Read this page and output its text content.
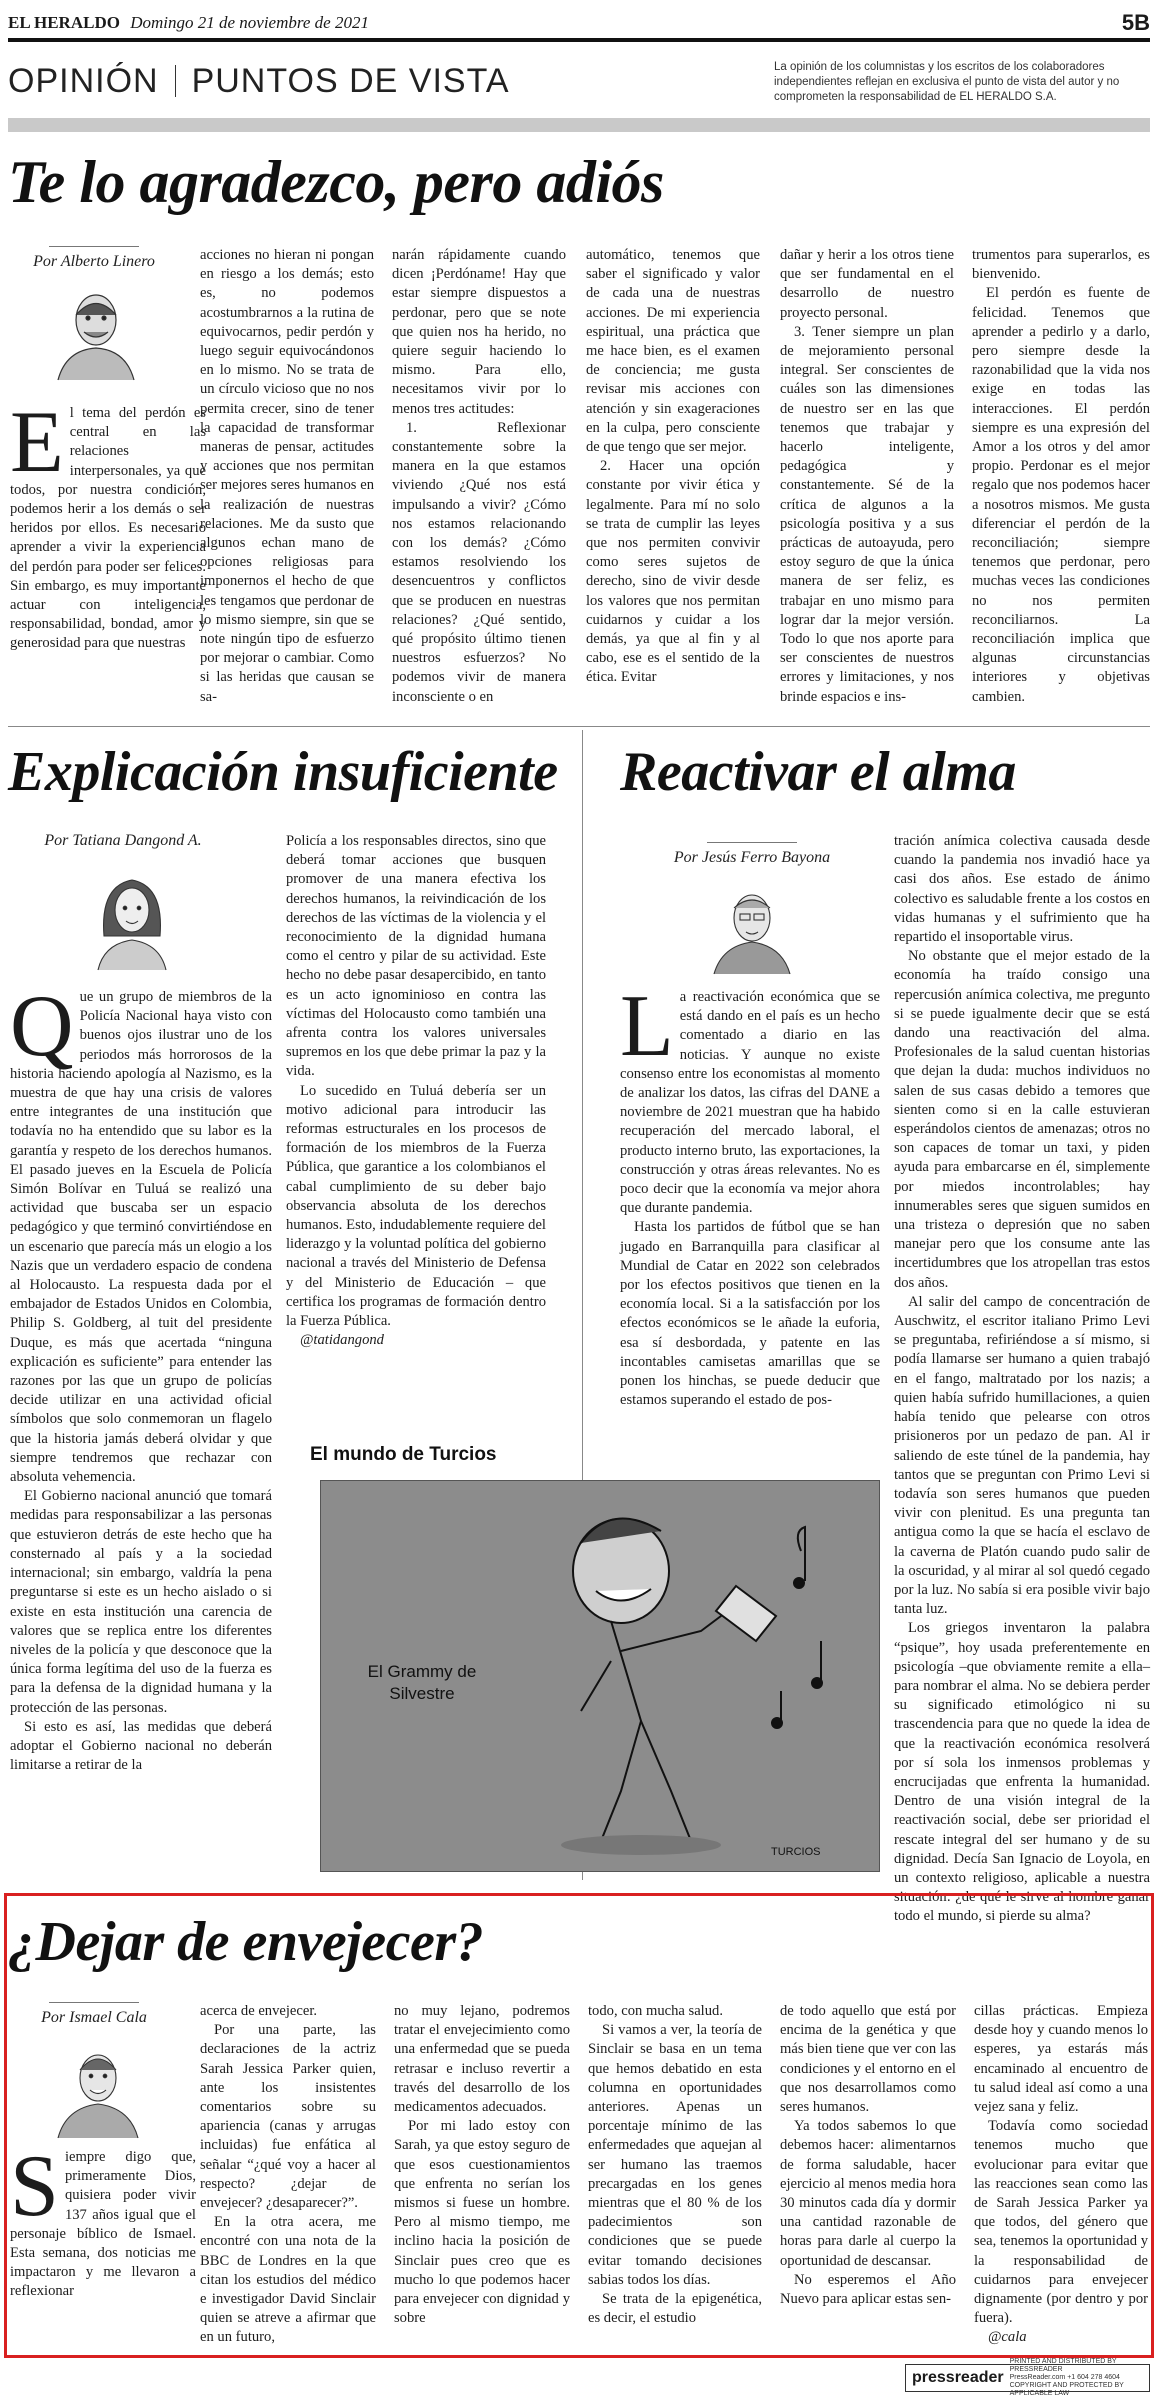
EL HERALDO Domingo 21 de noviembre de 2021	5B
OPINIÓN PUNTOS DE VISTA	La opinión de los columnistas y los escritos de los colaboradores independientes reflejan en exclusiva el punto de vista del autor y no comprometen la responsabilidad de EL HERALDO S.A.
Te lo agradezco, pero adiós
Por Alberto Linero

El tema del perdón es central en las relaciones interpersonales, ya que todos, por nuestra condición, podemos herir a los demás o ser heridos por ellos. Es necesario aprender a vivir la experiencia del perdón para poder ser felices. Sin embargo, es muy importante actuar con inteligencia, responsabilidad, bondad, amor y generosidad para que nuestras

acciones no hieran ni pongan en riesgo a los demás; esto es, no podemos acostumbrarnos a la rutina de equivocarnos, pedir perdón y luego seguir equivocándonos en lo mismo. No se trata de un círculo vicioso que no nos permita crecer, sino de tener la capacidad de transformar maneras de pensar, actitudes y acciones que nos permitan ser mejores seres humanos en la realización de nuestras relaciones. Me da susto que algunos echan mano de opciones religiosas para imponernos el hecho de que les tengamos que perdonar de lo mismo siempre, sin que se note ningún tipo de esfuerzo por mejorar o cambiar. Como si las heridas que causan se sa-

narán rápidamente cuando dicen ¡Perdóname! Hay que estar siempre dispuestos a perdonar, pero que se note que quien nos ha herido, no quiere seguir haciendo lo mismo. Para ello, necesitamos vivir por lo menos tres actitudes:

1. Reflexionar constantemente sobre la manera en la que estamos viviendo ¿Qué nos está impulsando a vivir? ¿Cómo nos estamos relacionando con los demás? ¿Cómo estamos resolviendo los desencuentros y conflictos que se producen en nuestras relaciones? ¿Qué sentido, qué propósito último tienen nuestros esfuerzos? No podemos vivir de manera inconsciente o en

automático, tenemos que saber el significado y valor de cada una de nuestras acciones. De mi experiencia espiritual, una práctica que me hace bien, es el examen de conciencia; me gusta revisar mis acciones con atención y sin exageraciones en la culpa, pero consciente de que tengo que ser mejor.

2. Hacer una opción constante por vivir ética y legalmente. Para mí no solo se trata de cumplir las leyes que nos permiten convivir como seres sujetos de derecho, sino de vivir desde los valores que nos permitan cuidarnos y cuidar a los demás, ya que al fin y al cabo, ese es el sentido de la ética. Evitar

dañar y herir a los otros tiene que ser fundamental en el desarrollo de nuestro proyecto personal.

3. Tener siempre un plan de mejoramiento personal integral. Ser conscientes de cuáles son las dimensiones de nuestro ser en las que tenemos que trabajar y hacerlo inteligente, pedagógica y constantemente. Sé de la crítica de algunos a la psicología positiva y a sus prácticas de autoayuda, pero estoy seguro de que la única manera de ser feliz, es trabajar en uno mismo para lograr dar la mejor versión. Todo lo que nos aporte para ser conscientes de nuestros errores y limitaciones, y nos brinde espacios e ins-

trumentos para superarlos, es bienvenido.

El perdón es fuente de felicidad. Tenemos que aprender a pedirlo y a darlo, pero siempre desde la razonabilidad que la vida nos exige en todas las interacciones. El perdón siempre es una expresión del Amor a los otros y del amor propio. Perdonar es el mejor regalo que nos podemos hacer a nosotros mismos. Me gusta diferenciar el perdón de la reconciliación; siempre tenemos que perdonar, pero muchas veces las condiciones no nos permiten reconciliarnos. La reconciliación implica que algunas circunstancias interiores y objetivas cambien.

Explicación insuficiente
Por Tatiana Dangond A.

Que un grupo de miembros de la Policía Nacional haya visto con buenos ojos ilustrar uno de los periodos más horrorosos de la historia haciendo apología al Nazismo, es la muestra de que hay una crisis de valores entre integrantes de una institución que todavía no ha entendido que su labor es la garantía y respeto de los derechos humanos. El pasado jueves en la Escuela de Policía Simón Bolívar en Tuluá se realizó una actividad que buscaba ser un espacio pedagógico y que terminó convirtiéndose en un escenario que parecía más un elogio a los Nazis que un verdadero espacio de condena al Holocausto. La respuesta dada por el embajador de Estados Unidos en Colombia, Philip S. Goldberg, al tuit del presidente Duque, es más que acertada “ninguna explicación es suficiente” para entender las razones por las que un grupo de policías decide utilizar en una actividad oficial símbolos que solo conmemoran un flagelo que la historia jamás deberá olvidar y que siempre tendremos que rechazar con absoluta vehemencia.

El Gobierno nacional anunció que tomará medidas para responsabilizar a las personas que estuvieron detrás de este hecho que ha consternado al país y a la sociedad internacional; sin embargo, valdría la pena preguntarse si este es un hecho aislado o si existe en esta institución una carencia de valores que se replica entre los diferentes niveles de la policía y que desconoce que la única forma legítima del uso de la fuerza es para la defensa de la dignidad humana y la protección de las personas.

Si esto es así, las medidas que deberá adoptar el Gobierno nacional no deberán limitarse a retirar de la

Policía a los responsables directos, sino que deberá tomar acciones que busquen promover de una manera efectiva los derechos humanos, la reivindicación de los derechos de las víctimas de la violencia y el reconocimiento de la dignidad humana como el centro y pilar de su actividad. Este hecho no debe pasar desapercibido, en tanto es un acto ignominioso en contra las víctimas del Holocausto como también una afrenta contra los valores universales supremos en los que debe primar la paz y la vida.

Lo sucedido en Tuluá debería ser un motivo adicional para introducir las reformas estructurales en los procesos de formación de los miembros de la Fuerza Pública, que garantice a los colombianos el cabal cumplimiento de su deber bajo observancia absoluta de los derechos humanos. Esto, indudablemente requiere del liderazgo y la voluntad política del gobierno nacional a través del Ministerio de Defensa y del Ministerio de Educación – que certifica los programas de formación dentro la Fuerza Pública.

@tatidangond

Reactivar el alma
Por Jesús Ferro Bayona

La reactivación económica que se está dando en el país es un hecho comentado a diario en las noticias. Y aunque no existe consenso entre los economistas al momento de analizar los datos, las cifras del DANE a noviembre de 2021 muestran que ha habido recuperación del mercado laboral, el producto interno bruto, las exportaciones, la construcción y otras áreas relevantes. No es poco decir que la economía va mejor ahora que durante pandemia.

Hasta los partidos de fútbol que se han jugado en Barranquilla para clasificar al Mundial de Catar en 2022 son celebrados por los efectos positivos que tienen en la economía local. Si a la satisfacción por los efectos económicos se le añade la euforia, esa sí desbordada, y patente en las incontables camisetas amarillas que se ponen los hinchas, se puede deducir que estamos superando el estado de pos-

tración anímica colectiva causada desde cuando la pandemia nos invadió hace ya casi dos años. Ese estado de ánimo colectivo es saludable frente a los costos en vidas humanas y el sufrimiento que ha repartido el insoportable virus.

No obstante que el mejor estado de la economía ha traído consigo una repercusión anímica colectiva, me pregunto si se puede igualmente decir que se está dando una reactivación del alma. Profesionales de la salud cuentan historias que dejan la duda: muchos individuos no salen de sus casas debido a temores que sienten como si en la calle estuvieran esperándolos cientos de amenazas; otros no son capaces de tomar un taxi, y piden ayuda para embarcarse en él, simplemente por miedos incontrolables; hay innumerables seres que siguen sumidos en una tristeza o depresión que no saben manejar pero que los consume ante las incertidumbres que los atropellan tras estos dos años.

Al salir del campo de concentración de Auschwitz, el escritor italiano Primo Levi se preguntaba, refiriéndose a sí mismo, si podía llamarse ser humano a quien trabajó en el fango, maltratado por los nazis; a quien había sufrido humillaciones, a quien había tenido que pelearse con otros prisioneros por un pedazo de pan. Al ir saliendo de este túnel de la pandemia, hay tantos que se preguntan con Primo Levi si todavía son seres humanos que pueden vivir con plenitud. Es una pregunta tan antigua como la que se hacía el esclavo de la caverna de Platón cuando pudo salir de la oscuridad, y al mirar al sol quedó cegado por la luz. No sabía si era posible vivir bajo tanta luz.

Los griegos inventaron la palabra “psique”, hoy usada preferentemente en psicología –que obviamente remite a ella– para nombrar el alma. No se debiera perder su significado etimológico ni su trascendencia para que no quede la idea de que la reactivación económica resolverá por sí sola los inmensos problemas y encrucijadas que enfrenta la humanidad. Dentro de una visión integral de la reactivación social, debe ser prioridad el rescate integral del ser humano y de su dignidad. Decía San Ignacio de Loyola, en un contexto religioso, aplicable a nuestra situación: ¿de qué le sirve al hombre ganar todo el mundo, si pierde su alma?

El mundo de Turcios
El Grammy de Silvestre
TURCIOS
¿Dejar de envejecer?
Por Ismael Cala

Siempre digo que, primeramente Dios, quisiera poder vivir 137 años igual que el personaje bíblico de Ismael. Esta semana, dos noticias me impactaron y me llevaron a reflexionar

acerca de envejecer.

Por una parte, las declaraciones de la actriz Sarah Jessica Parker quien, ante los insistentes comentarios sobre su apariencia (canas y arrugas incluidas) fue enfática al señalar “¿qué voy a hacer al respecto? ¿dejar de envejecer? ¿desaparecer?”.

En la otra acera, me encontré con una nota de la BBC de Londres en la que citan los estudios del médico e investigador David Sinclair quien se atreve a afirmar que en un futuro,

no muy lejano, podremos tratar el envejecimiento como una enfermedad que se pueda retrasar e incluso revertir a través del desarrollo de los medicamentos adecuados.

Por mi lado estoy con Sarah, ya que estoy seguro de que esos cuestionamientos que enfrenta no serían los mismos si fuese un hombre. Pero al mismo tiempo, me inclino hacia la posición de Sinclair pues creo que es mucho lo que podemos hacer para envejecer con dignidad y sobre

todo, con mucha salud.

Si vamos a ver, la teoría de Sinclair se basa en un tema que hemos debatido en esta columna en oportunidades anteriores. Apenas un porcentaje mínimo de las enfermedades que aquejan al ser humano las traemos precargadas en los genes mientras que el 80 % de los padecimientos son condiciones que se puede evitar tomando decisiones sabias todos los días.

Se trata de la epigenética, es decir, el estudio

de todo aquello que está por encima de la genética y que más bien tiene que ver con las condiciones y el entorno en el que nos desarrollamos como seres humanos.

Ya todos sabemos lo que debemos hacer: alimentarnos de forma saludable, hacer ejercicio al menos media hora 30 minutos cada día y dormir una cantidad razonable de horas para darle al cuerpo la oportunidad de descansar.

No esperemos el Año Nuevo para aplicar estas sen-

cillas prácticas. Empieza desde hoy y cuando menos lo esperes, ya estarás más encaminado al encuentro de tu salud ideal así como a una vejez sana y feliz.

Todavía como sociedad tenemos mucho que evolucionar para evitar que las reacciones sean como las de Sarah Jessica Parker ya que todos, del género que sea, tenemos la oportunidad y la responsabilidad de cuidarnos para envejecer dignamente (por dentro y por fuera).

@cala

pressreader
PRINTED AND DISTRIBUTED BY PRESSREADER
PressReader.com +1 604 278 4604
COPYRIGHT AND PROTECTED BY APPLICABLE LAW
